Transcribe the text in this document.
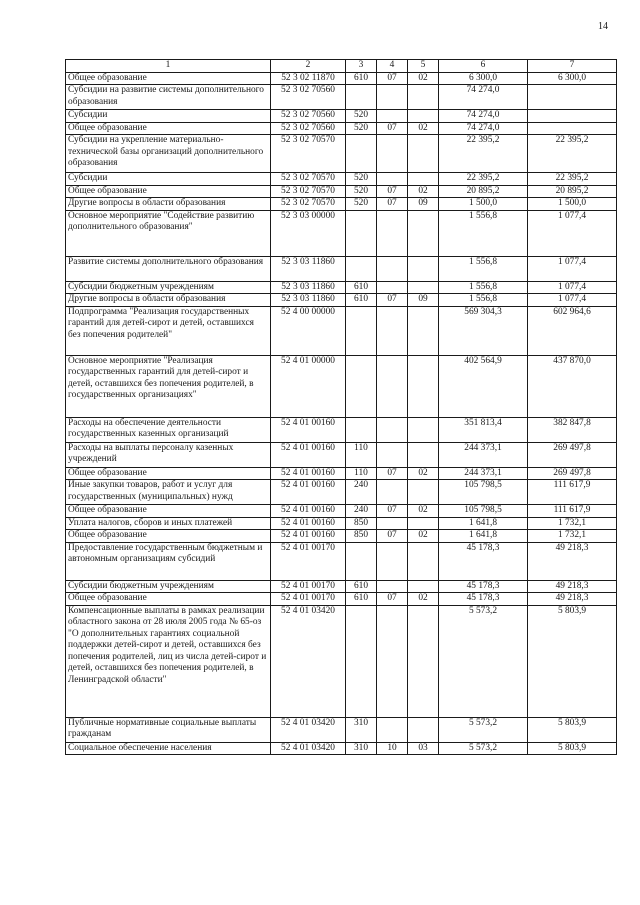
14
1	2	3	4	5	6	7
Общее образование	52 3 02 11870	610	07	02	6 300,0	6 300,0
Субсидии на развитие системы дополнительного образования	52 3 02 70560				74 274,0	
Субсидии	52 3 02 70560	520			74 274,0	
Общее образование	52 3 02 70560	520	07	02	74 274,0	
Субсидии на укрепление материально-технической базы организаций дополнительного образования	52 3 02 70570				22 395,2	22 395,2
Субсидии	52 3 02 70570	520			22 395,2	22 395,2
Общее образование	52 3 02 70570	520	07	02	20 895,2	20 895,2
Другие вопросы в области образования	52 3 02 70570	520	07	09	1 500,0	1 500,0
Основное мероприятие "Содействие развитию дополнительного образования"	52 3 03 00000				1 556,8	1 077,4
Развитие системы дополнительного образования	52 3 03 11860				1 556,8	1 077,4
Субсидии бюджетным учреждениям	52 3 03 11860	610			1 556,8	1 077,4
Другие вопросы в области образования	52 3 03 11860	610	07	09	1 556,8	1 077,4
Подпрограмма "Реализация государственных гарантий для детей-сирот и детей, оставшихся без попечения родителей"	52 4 00 00000				569 304,3	602 964,6
Основное мероприятие "Реализация государственных гарантий для детей-сирот и детей, оставшихся без попечения родителей, в государственных организациях"	52 4 01 00000				402 564,9	437 870,0
Расходы на обеспечение деятельности государственных казенных организаций	52 4 01 00160				351 813,4	382 847,8
Расходы на выплаты персоналу казенных учреждений	52 4 01 00160	110			244 373,1	269 497,8
Общее образование	52 4 01 00160	110	07	02	244 373,1	269 497,8
Иные закупки товаров, работ и услуг для государственных (муниципальных) нужд	52 4 01 00160	240			105 798,5	111 617,9
Общее образование	52 4 01 00160	240	07	02	105 798,5	111 617,9
Уплата налогов, сборов и иных платежей	52 4 01 00160	850			1 641,8	1 732,1
Общее образование	52 4 01 00160	850	07	02	1 641,8	1 732,1
Предоставление государственным бюджетным и автономным организациям субсидий	52 4 01 00170				45 178,3	49 218,3
Субсидии бюджетным учреждениям	52 4 01 00170	610			45 178,3	49 218,3
Общее образование	52 4 01 00170	610	07	02	45 178,3	49 218,3
Компенсационные выплаты в рамках реализации областного закона от 28 июля 2005 года № 65-оз "О дополнительных гарантиях социальной поддержки детей-сирот и детей, оставшихся без попечения родителей, лиц из числа детей-сирот и детей, оставшихся без попечения родителей, в Ленинградской области"	52 4 01 03420				5 573,2	5 803,9
Публичные нормативные социальные выплаты гражданам	52 4 01 03420	310			5 573,2	5 803,9
Социальное обеспечение населения	52 4 01 03420	310	10	03	5 573,2	5 803,9
